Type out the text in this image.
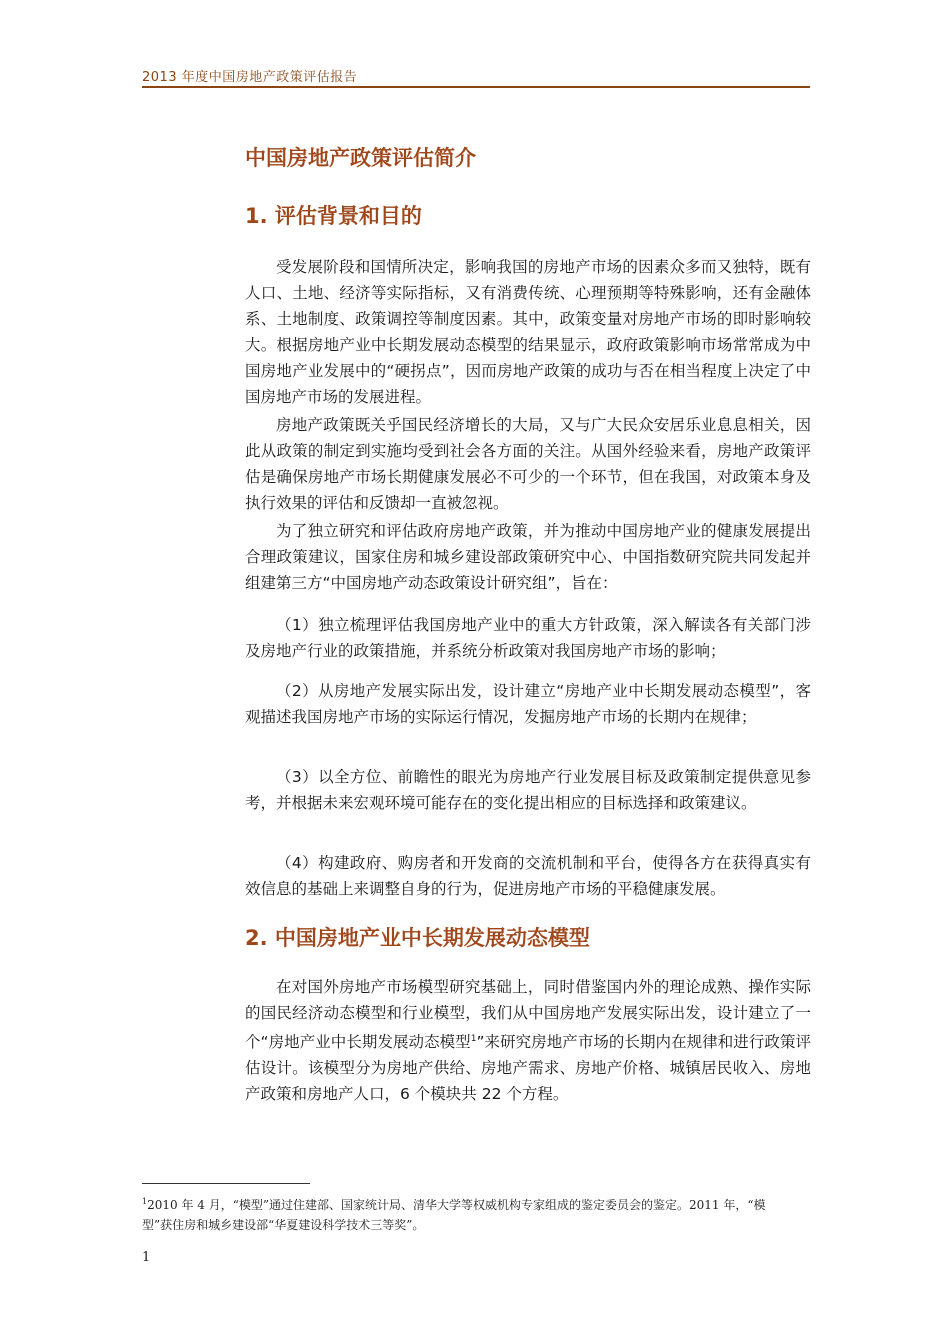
2013 年度中国房地产政策评估报告
中国房地产政策评估简介
1. 评估背景和目的

受发展阶段和国情所决定，影响我国的房地产市场的因素众多而又独特，既有人口、土地、经济等实际指标，又有消费传统、心理预期等特殊影响，还有金融体系、土地制度、政策调控等制度因素。其中，政策变量对房地产市场的即时影响较大。根据房地产业中长期发展动态模型的结果显示，政府政策影响市场常常成为中国房地产业发展中的“硬拐点”，因而房地产政策的成功与否在相当程度上决定了中国房地产市场的发展进程。

房地产政策既关乎国民经济增长的大局，又与广大民众安居乐业息息相关，因此从政策的制定到实施均受到社会各方面的关注。从国外经验来看，房地产政策评估是确保房地产市场长期健康发展必不可少的一个环节，但在我国，对政策本身及执行效果的评估和反馈却一直被忽视。

为了独立研究和评估政府房地产政策，并为推动中国房地产业的健康发展提出合理政策建议，国家住房和城乡建设部政策研究中心、中国指数研究院共同发起并组建第三方“中国房地产动态政策设计研究组”，旨在：

（1）独立梳理评估我国房地产业中的重大方针政策，深入解读各有关部门涉及房地产行业的政策措施，并系统分析政策对我国房地产市场的影响；

（2）从房地产发展实际出发，设计建立“房地产业中长期发展动态模型”，客观描述我国房地产市场的实际运行情况，发掘房地产市场的长期内在规律；

（3）以全方位、前瞻性的眼光为房地产行业发展目标及政策制定提供意见参考，并根据未来宏观环境可能存在的变化提出相应的目标选择和政策建议。

（4）构建政府、购房者和开发商的交流机制和平台，使得各方在获得真实有效信息的基础上来调整自身的行为，促进房地产市场的平稳健康发展。

2. 中国房地产业中长期发展动态模型

在对国外房地产市场模型研究基础上，同时借鉴国内外的理论成熟、操作实际的国民经济动态模型和行业模型，我们从中国房地产发展实际出发，设计建立了一个“房地产业中长期发展动态模型$^1$”来研究房地产市场的长期内在规律和进行政策评估设计。该模型分为房地产供给、房地产需求、房地产价格、城镇居民收入、房地产政策和房地产人口，6 个模块共 22 个方程。

$^1$2010 年 4 月，“模型”通过住建部、国家统计局、清华大学等权威机构专家组成的鉴定委员会的鉴定。2011 年，“模型”获住房和城乡建设部“华夏建设科学技术三等奖”。
1
